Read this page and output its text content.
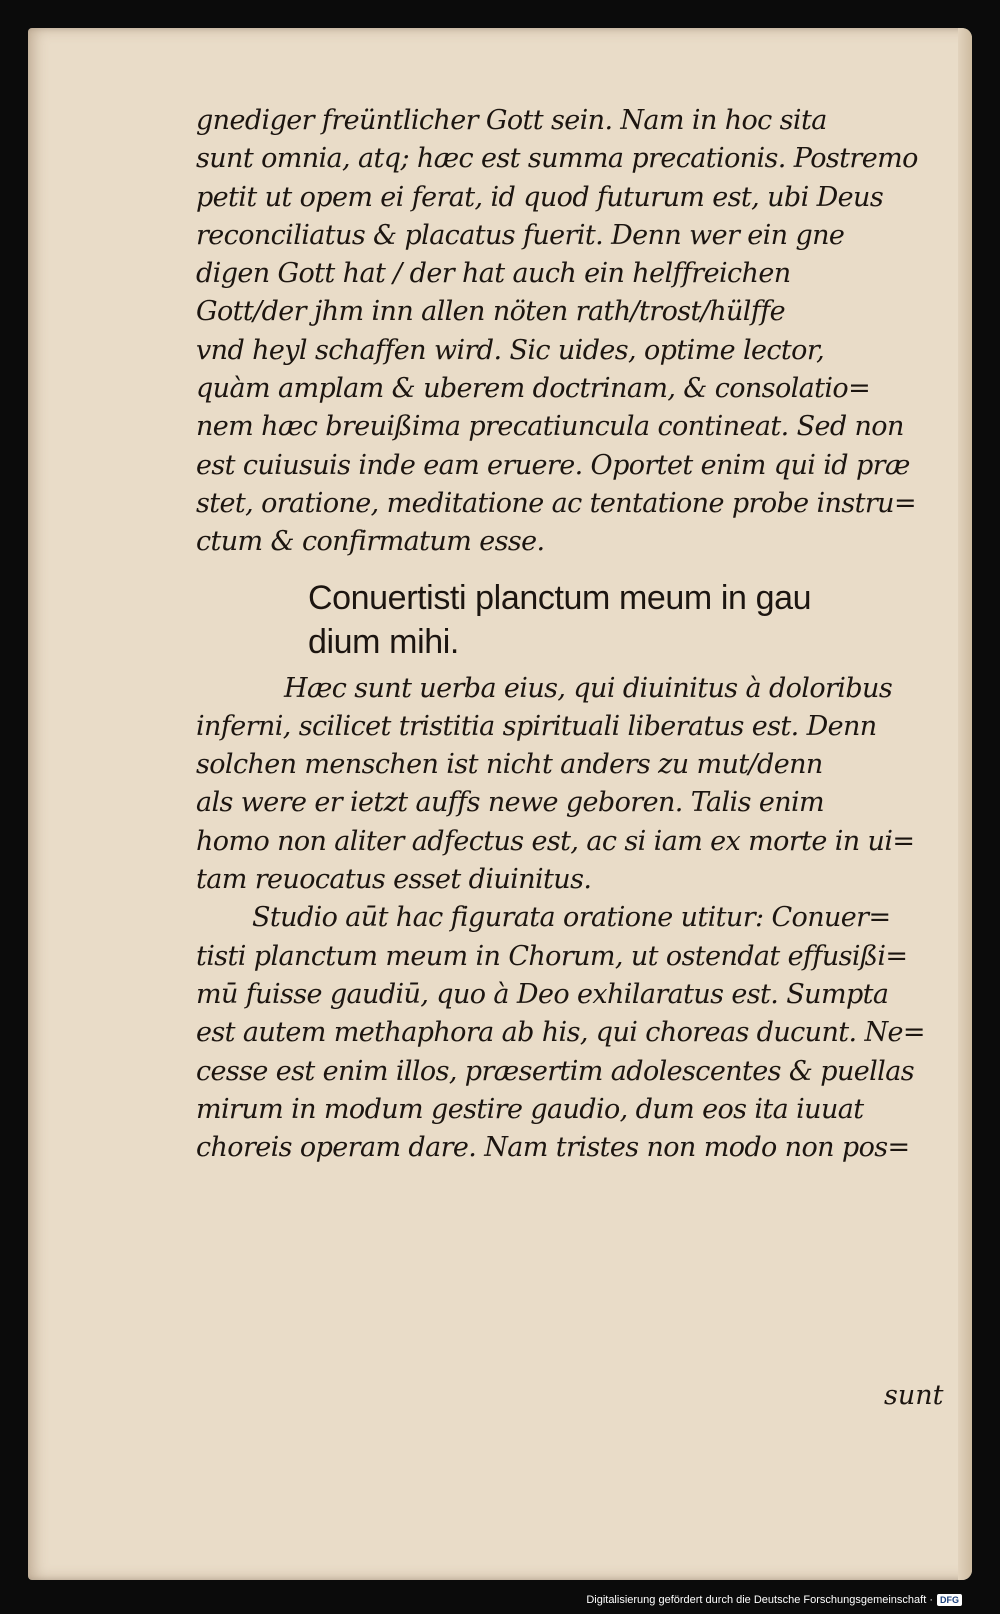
gnediger freüntlicher Gott sein. Nam in hoc sita
sunt omnia, atq; hæc est summa precationis. Postremo
petit ut opem ei ferat, id quod futurum est, ubi Deus
reconciliatus & placatus fuerit. Denn wer ein gne
digen Gott hat / der hat auch ein helffreichen
Gott/der jhm inn allen nöten rath/trost/hülffe
vnd heyl schaffen wird. Sic uides, optime lector,
quàm amplam & uberem doctrinam, & consolatio=
nem hæc breuißima precatiuncula contineat. Sed non
est cuiusuis inde eam eruere. Oportet enim qui id præ
stet, oratione, meditatione ac tentatione probe instru=
ctum & confirmatum esse.
Conuertisti planctum meum in gau
dium mihi.
Hæc sunt uerba eius, qui diuinitus à doloribus
inferni, scilicet tristitia spirituali liberatus est. Denn
solchen menschen ist nicht anders zu mut/denn
als were er ietzt auffs newe geboren. Talis enim
homo non aliter adfectus est, ac si iam ex morte in ui=
tam reuocatus esset diuinitus.
Studio aūt hac figurata oratione utitur: Conuer=
tisti planctum meum in Chorum, ut ostendat effusißi=
mū fuisse gaudiū, quo à Deo exhilaratus est. Sumpta
est autem methaphora ab his, qui choreas ducunt. Ne=
cesse est enim illos, præsertim adolescentes & puellas
mirum in modum gestire gaudio, dum eos ita iuuat
choreis operam dare. Nam tristes non modo non pos=
sunt
Digitalisierung gefördert durch die Deutsche Forschungsgemeinschaft · DFG
